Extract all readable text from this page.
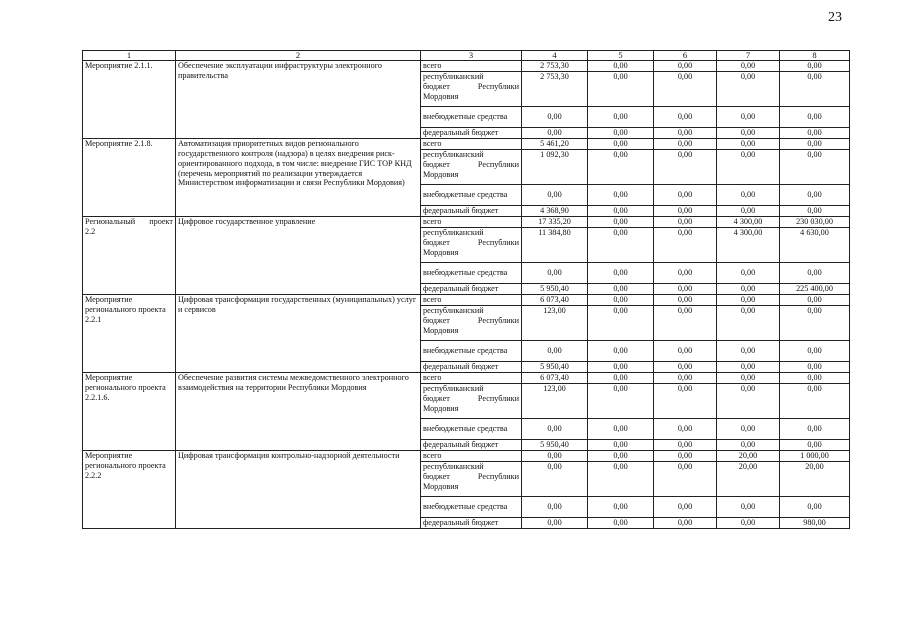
23
1	2	3	4	5	6	7	8
Мероприятие 2.1.1.	Обеспечение эксплуатации инфраструктуры электронного правительства	всего	2 753,30	0,00	0,00	0,00	0,00

		республиканский
бюджет Республики
Мордовия	2 753,30	0,00	0,00	0,00	0,00
		внебюджетные средства	0,00	0,00	0,00	0,00	0,00
		федеральный бюджет	0,00	0,00	0,00	0,00	0,00
Мероприятие 2.1.8.	Автоматизация приоритетных видов регионального государственного контроля (надзора) в целях внедрения риск-ориентированного подхода, в том числе: внедрение ГИС ТОР КНД (перечень мероприятий по реализации утверждается Министерством информатизации и связи Республики Мордовия)	всего	5 461,20	0,00	0,00	0,00	0,00

		республиканский
бюджет Республики
Мордовия	1 092,30	0,00	0,00	0,00	0,00
		внебюджетные средства	0,00	0,00	0,00	0,00	0,00
		федеральный бюджет	4 368,90	0,00	0,00	0,00	0,00
Региональный проект 2.2	Цифровое государственное управление	всего	17 335,20	0,00	0,00	4 300,00	230 030,00

		республиканский
бюджет Республики
Мордовия	11 384,80	0,00	0,00	4 300,00	4 630,00
		внебюджетные средства	0,00	0,00	0,00	0,00	0,00
		федеральный бюджет	5 950,40	0,00	0,00	0,00	225 400,00
Мероприятие регионального проекта 2.2.1	Цифровая трансформация государственных (муниципальных) услуг и сервисов	всего	6 073,40	0,00	0,00	0,00	0,00

		республиканский
бюджет Республики
Мордовия	123,00	0,00	0,00	0,00	0,00
		внебюджетные средства	0,00	0,00	0,00	0,00	0,00
		федеральный бюджет	5 950,40	0,00	0,00	0,00	0,00
Мероприятие регионального проекта 2.2.1.6.	Обеспечение развития системы межведомственного электронного взаимодействия на территории Республики Мордовия	всего	6 073,40	0,00	0,00	0,00	0,00

		республиканский
бюджет Республики
Мордовия	123,00	0,00	0,00	0,00	0,00
		внебюджетные средства	0,00	0,00	0,00	0,00	0,00
		федеральный бюджет	5 950,40	0,00	0,00	0,00	0,00
Мероприятие регионального проекта 2.2.2	Цифровая трансформация контрольно-надзорной деятельности	всего	0,00	0,00	0,00	20,00	1 000,00

		республиканский
бюджет Республики
Мордовия	0,00	0,00	0,00	20,00	20,00
		внебюджетные средства	0,00	0,00	0,00	0,00	0,00
		федеральный бюджет	0,00	0,00	0,00	0,00	980,00
